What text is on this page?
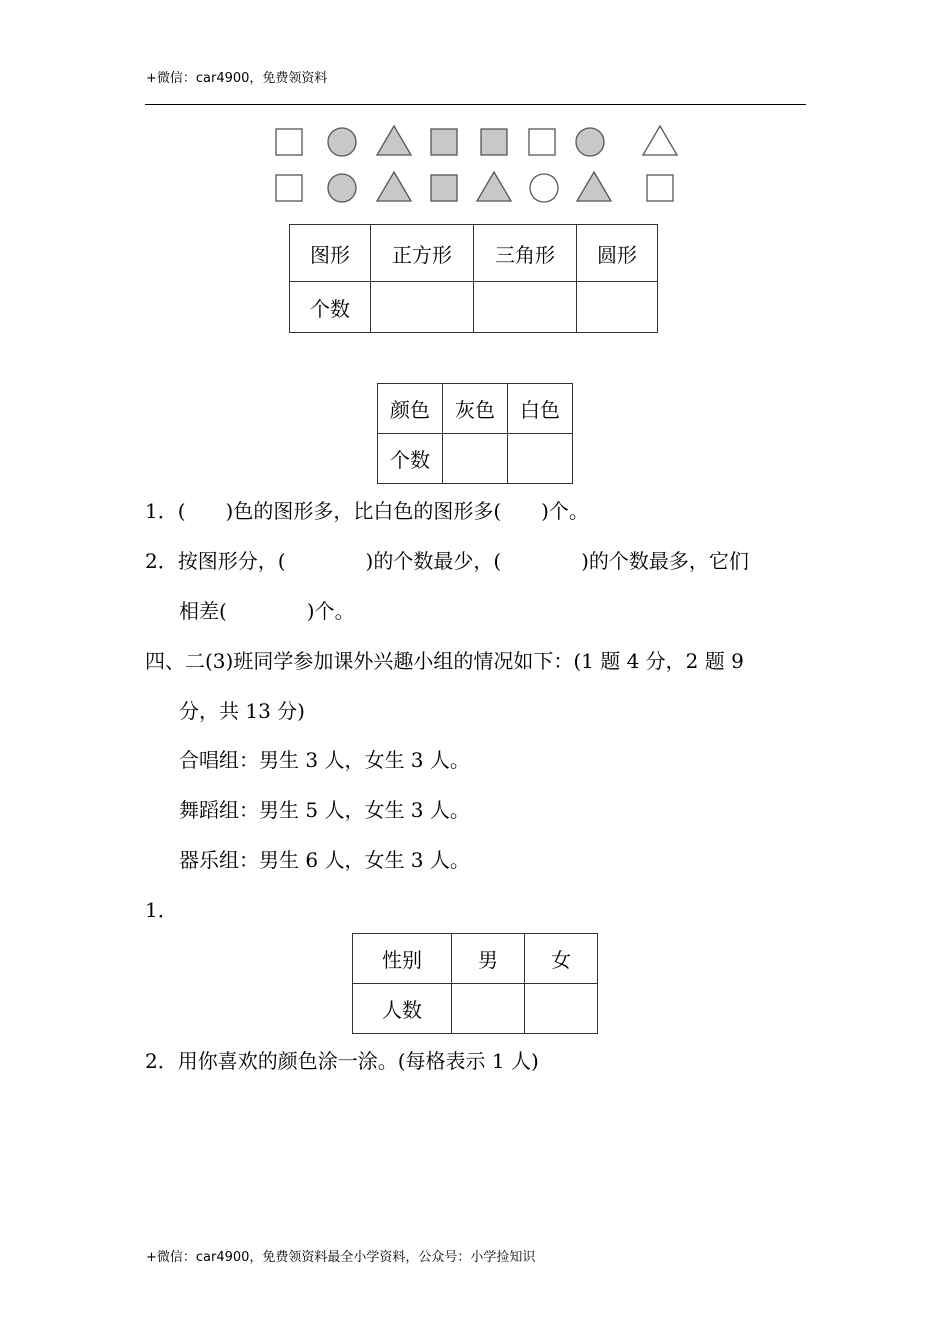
+微信：car4900，免费领资料
图形	正方形	三角形	圆形
个数			
颜色	灰色	白色
个数		
1．(　　)色的图形多，比白色的图形多(　　)个。
2．按图形分，(　　　　)的个数最少，(　　　　)的个数最多，它们
相差(　　　　)个。
四、二(3)班同学参加课外兴趣小组的情况如下：(1 题 4 分，2 题 9
分，共 13 分)
合唱组：男生 3 人，女生 3 人。
舞蹈组：男生 5 人，女生 3 人。
器乐组：男生 6 人，女生 3 人。
1．
性别	男	女
人数		
2．用你喜欢的颜色涂一涂。(每格表示 1 人)
+微信：car4900，免费领资料最全小学资料，公众号：小学捡知识
